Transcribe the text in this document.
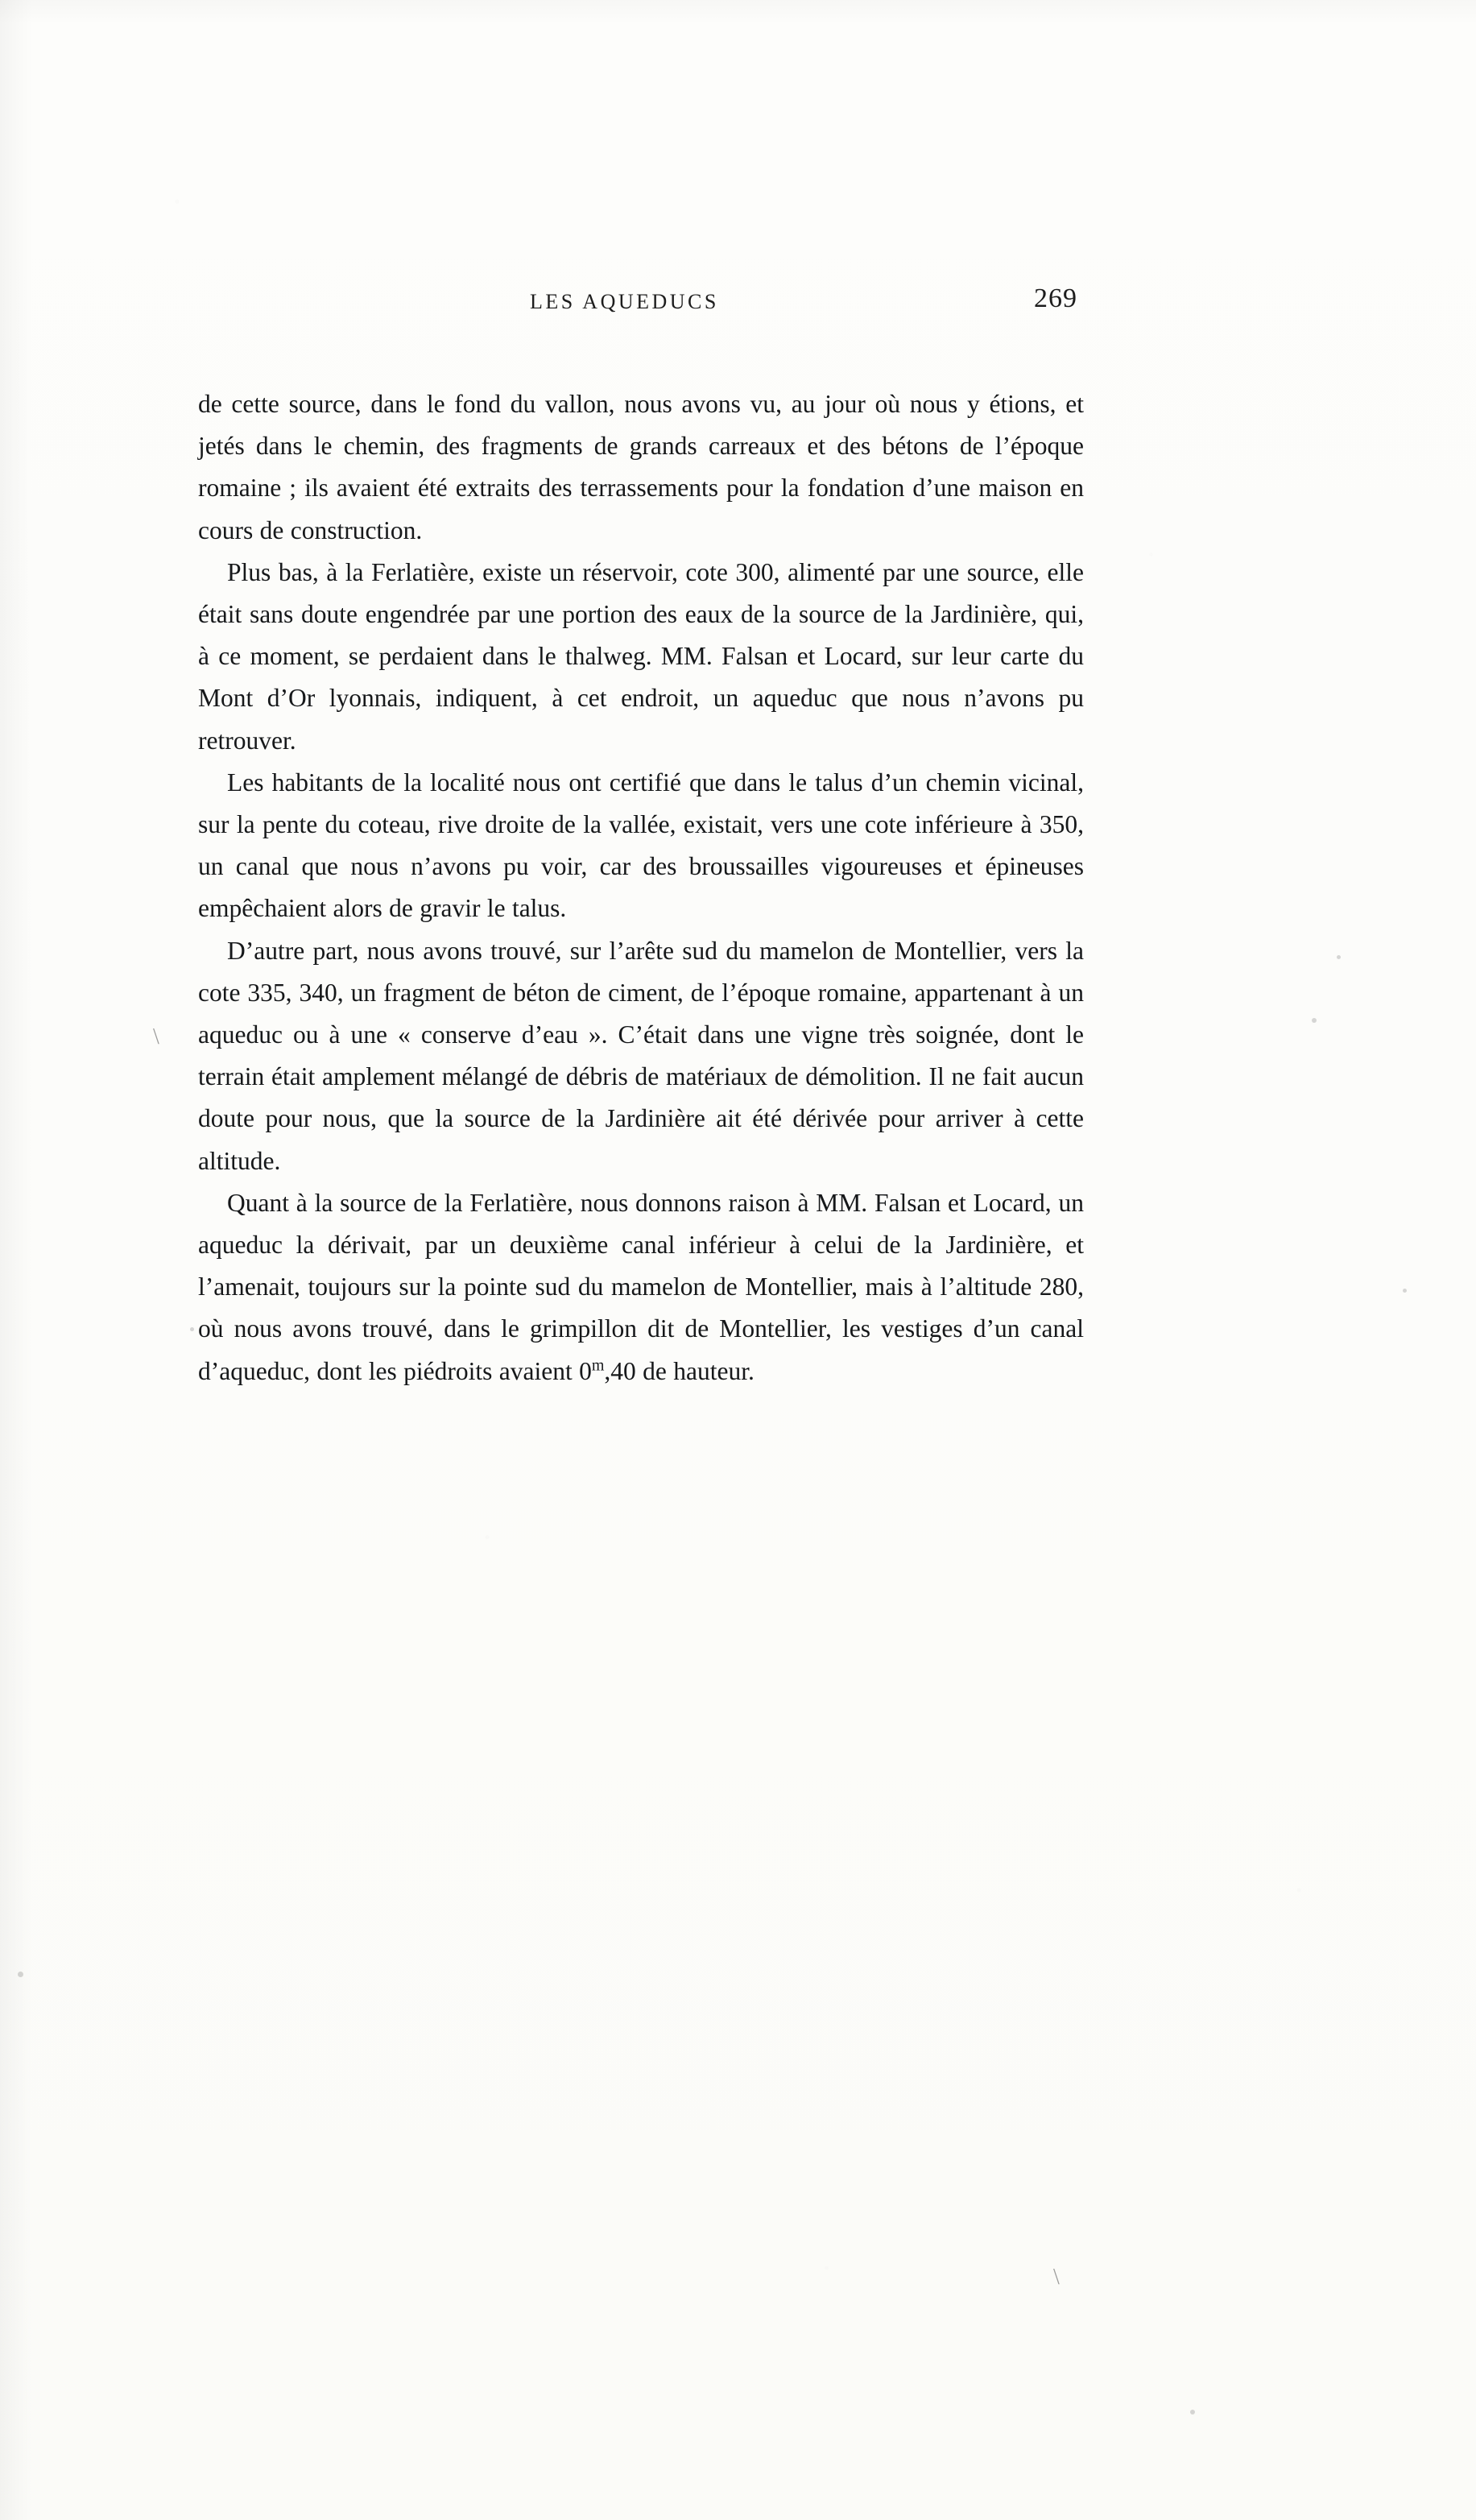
\
\
LES AQUEDUCS	269

de cette source, dans le fond du vallon, nous avons vu, au jour où nous y étions, et jetés dans le chemin, des fragments de grands carreaux et des bétons de l’époque romaine ; ils avaient été extraits des terrassements pour la fondation d’une maison en cours de construction.

Plus bas, à la Ferlatière, existe un réservoir, cote 300, alimenté par une source, elle était sans doute engendrée par une portion des eaux de la source de la Jardinière, qui, à ce moment, se perdaient dans le thalweg. MM. Falsan et Locard, sur leur carte du Mont d’Or lyonnais, indiquent, à cet endroit, un aqueduc que nous n’avons pu retrouver.

Les habitants de la localité nous ont certifié que dans le talus d’un chemin vicinal, sur la pente du coteau, rive droite de la vallée, existait, vers une cote inférieure à 350, un canal que nous n’avons pu voir, car des broussailles vigoureuses et épineuses empêchaient alors de gravir le talus.

D’autre part, nous avons trouvé, sur l’arête sud du mamelon de Montellier, vers la cote 335, 340, un fragment de béton de ciment, de l’époque romaine, appartenant à un aqueduc ou à une « conserve d’eau ». C’était dans une vigne très soignée, dont le terrain était amplement mélangé de débris de matériaux de démolition. Il ne fait aucun doute pour nous, que la source de la Jardinière ait été dérivée pour arriver à cette altitude.

Quant à la source de la Ferlatière, nous donnons raison à MM. Falsan et Locard, un aqueduc la dérivait, par un deuxième canal inférieur à celui de la Jardinière, et l’amenait, toujours sur la pointe sud du mamelon de Montellier, mais à l’altitude 280, où nous avons trouvé, dans le grimpillon dit de Montellier, les vestiges d’un canal d’aqueduc, dont les piédroits avaient 0$^m$,40 de hauteur.
